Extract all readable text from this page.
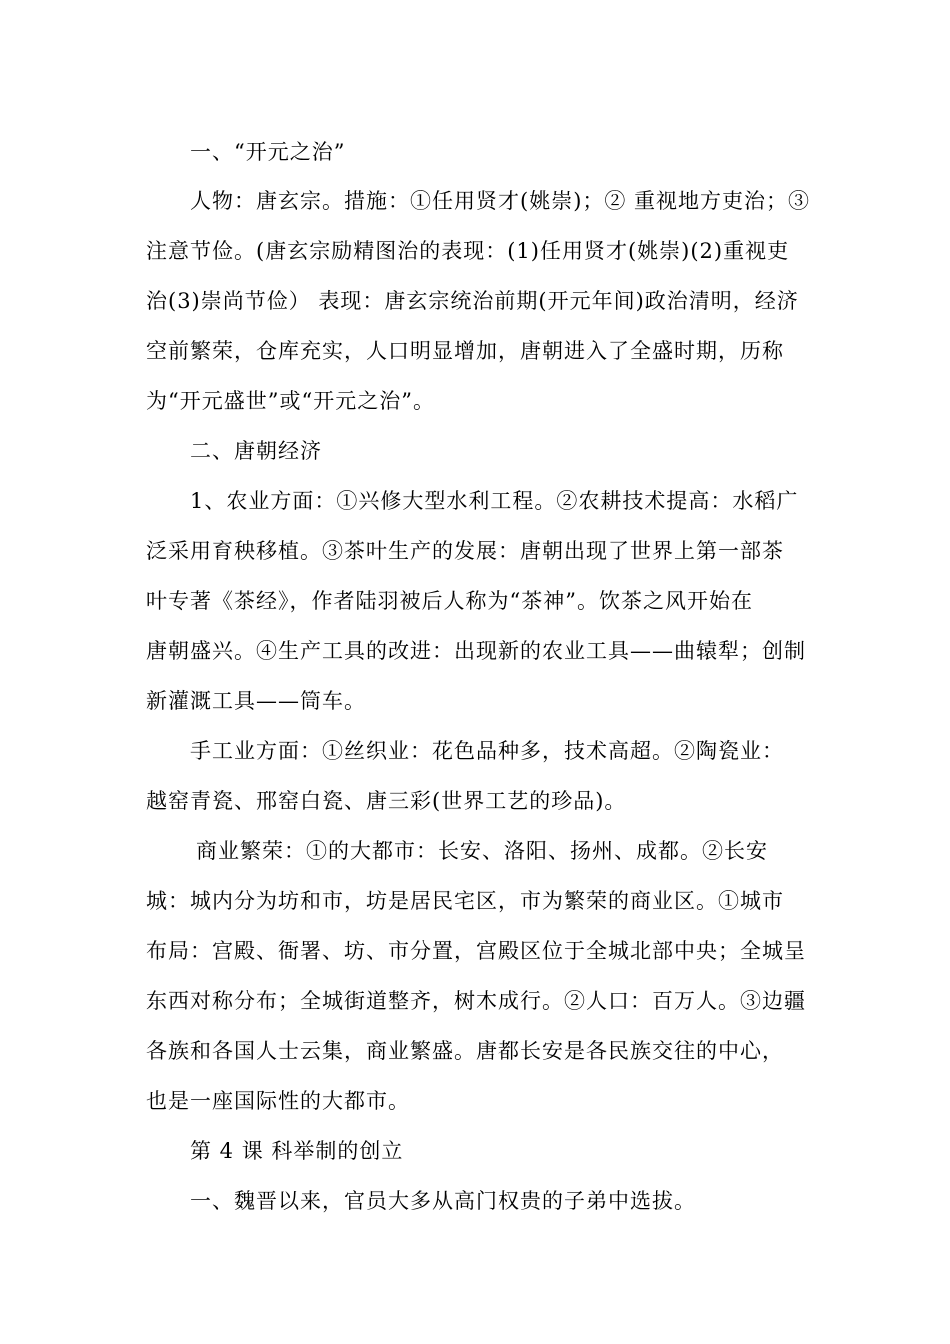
一、“开元之治”
人物：唐玄宗。措施：①任用贤才(姚崇)；② 重视地方吏治；③
注意节俭。(唐玄宗励精图治的表现：(1)任用贤才(姚崇)(2)重视吏
治(3)崇尚节俭） 表现：唐玄宗统治前期(开元年间)政治清明，经济
空前繁荣，仓库充实，人口明显增加，唐朝进入了全盛时期，历称
为“开元盛世”或“开元之治”。
二、唐朝经济
1、农业方面：①兴修大型水利工程。②农耕技术提高：水稻广
泛采用育秧移植。③茶叶生产的发展：唐朝出现了世界上第一部茶
叶专著《茶经》，作者陆羽被后人称为“茶神”。饮茶之风开始在
唐朝盛兴。④生产工具的改进：出现新的农业工具——曲辕犁；创制
新灌溉工具——筒车。
手工业方面：①丝织业：花色品种多，技术高超。②陶瓷业：
越窑青瓷、邢窑白瓷、唐三彩(世界工艺的珍品)。
商业繁荣：①的大都市：长安、洛阳、扬州、成都。②长安
城：城内分为坊和市，坊是居民宅区，市为繁荣的商业区。①城市
布局：宫殿、衙署、坊、市分置，宫殿区位于全城北部中央；全城呈
东西对称分布；全城街道整齐，树木成行。②人口：百万人。③边疆
各族和各国人士云集，商业繁盛。唐都长安是各民族交往的中心，
也是一座国际性的大都市。
第 4 课 科举制的创立
一、魏晋以来，官员大多从高门权贵的子弟中选拔。
